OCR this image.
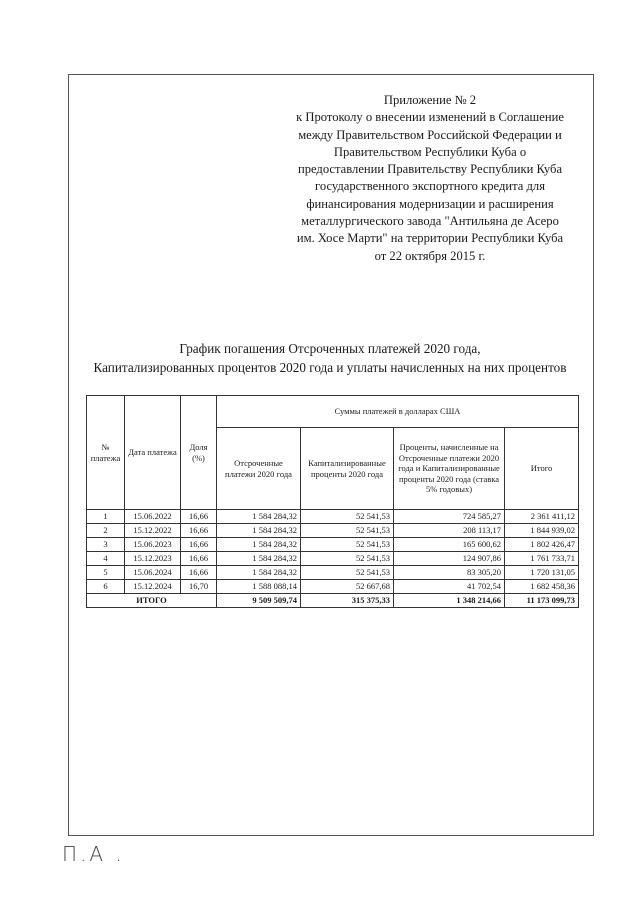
Приложение № 2
к Протоколу о внесении изменений в Соглашение
между Правительством Российской Федерации и
Правительством Республики Куба о
предоставлении Правительству Республики Куба
государственного экспортного кредита для
финансирования модернизации и расширения
металлургического завода "Антильяна де Асеро
им. Хосе Марти" на территории Республики Куба
от 22 октября 2015 г.
График погашения Отсроченных платежей 2020 года,
Капитализированных процентов 2020 года и уплаты начисленных на них процентов
№ платежа	Дата платежа	Доля (%)	Суммы платежей в долларах США			
			Отсроченные платежи 2020 года	Капитализированные проценты 2020 года	Проценты, начисленные на Отсроченные платежи 2020 года и Капитализированные проценты 2020 года (ставка 5% годовых)	Итого
1	15.06.2022	16,66	1 584 284,32	52 541,53	724 585,27	2 361 411,12
2	15.12.2022	16,66	1 584 284,32	52 541,53	208 113,17	1 844 939,02
3	15.06.2023	16,66	1 584 284,32	52 541,53	165 600,62	1 802 426,47
4	15.12.2023	16,66	1 584 284,32	52 541,53	124 907,86	1 761 733,71
5	15.06.2024	16,66	1 584 284,32	52 541,53	83 305,20	1 720 131,05
6	15.12.2024	16,70	1 588 088,14	52 667,68	41 702,54	1 682 458,36
ИТОГО			9 509 509,74	315 375,33	1 348 214,66	11 173 099,73
П.А .
